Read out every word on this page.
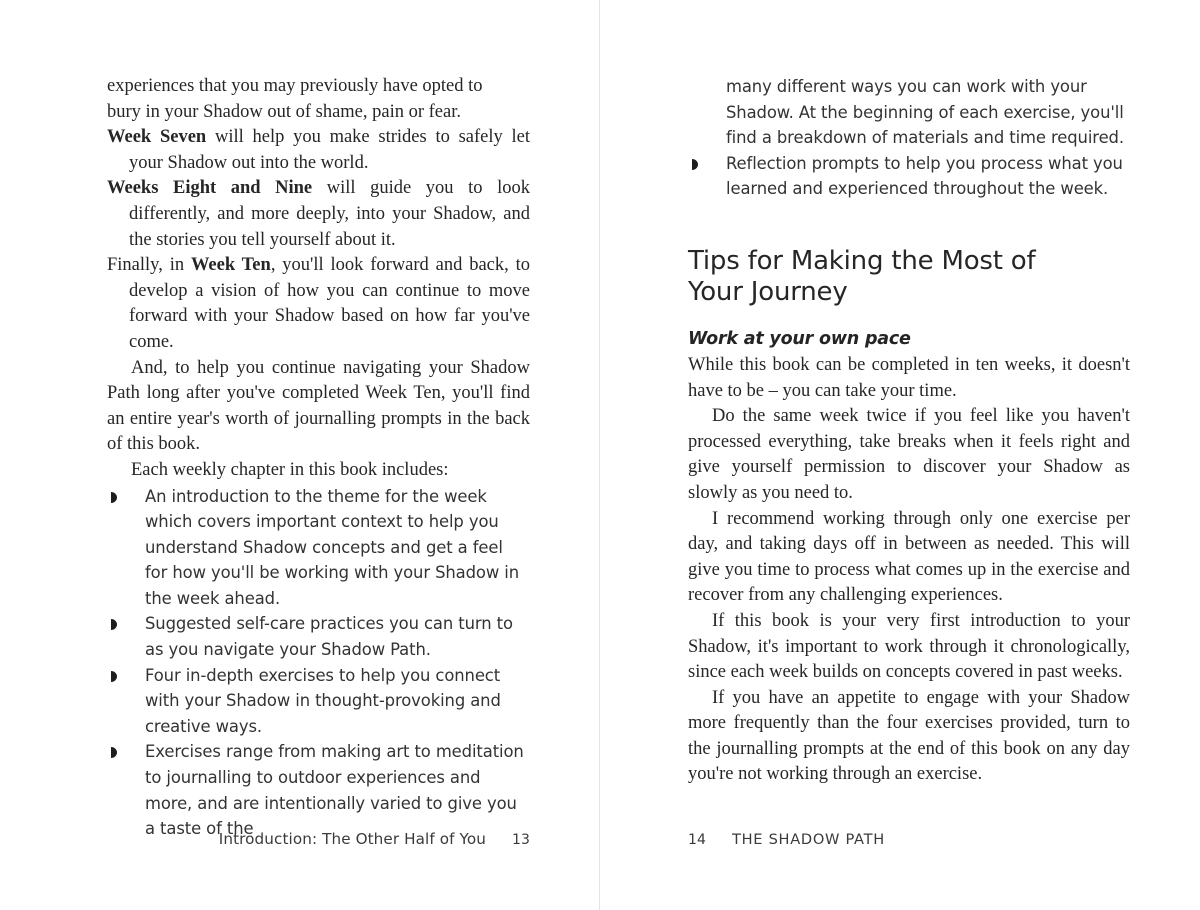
experiences that you may previously have opted to
bury in your Shadow out of shame, pain or fear.
Week Seven will help you make strides to safely let your Shadow out into the world.
Weeks Eight and Nine will guide you to look differently, and more deeply, into your Shadow, and the stories you tell yourself about it.
Finally, in Week Ten, you'll look forward and back, to develop a vision of how you can continue to move forward with your Shadow based on how far you've come.

And, to help you continue navigating your Shadow Path long after you've completed Week Ten, you'll find an entire year's worth of journalling prompts in the back of this book.

Each weekly chapter in this book includes:

An introduction to the theme for the week which covers important context to help you understand Shadow concepts and get a feel for how you'll be working with your Shadow in the week ahead.
Suggested self-care practices you can turn to as you navigate your Shadow Path.
Four in-depth exercises to help you connect with your Shadow in thought-provoking and creative ways.
Exercises range from making art to meditation to journalling to outdoor experiences and more, and are intentionally varied to give you a taste of the
Introduction: The Other Half of You 13
many different ways you can work with your Shadow. At the beginning of each exercise, you'll find a breakdown of materials and time required.
Reflection prompts to help you process what you learned and experienced throughout the week.
Tips for Making the Most of Your Journey
Work at your own pace

While this book can be completed in ten weeks, it doesn't have to be – you can take your time.

Do the same week twice if you feel like you haven't processed everything, take breaks when it feels right and give yourself permission to discover your Shadow as slowly as you need to.

I recommend working through only one exercise per day, and taking days off in between as needed. This will give you time to process what comes up in the exercise and recover from any challenging experiences.

If this book is your very first introduction to your Shadow, it's important to work through it chronologically, since each week builds on concepts covered in past weeks.

If you have an appetite to engage with your Shadow more frequently than the four exercises provided, turn to the journalling prompts at the end of this book on any day you're not working through an exercise.

14 THE SHADOW PATH
